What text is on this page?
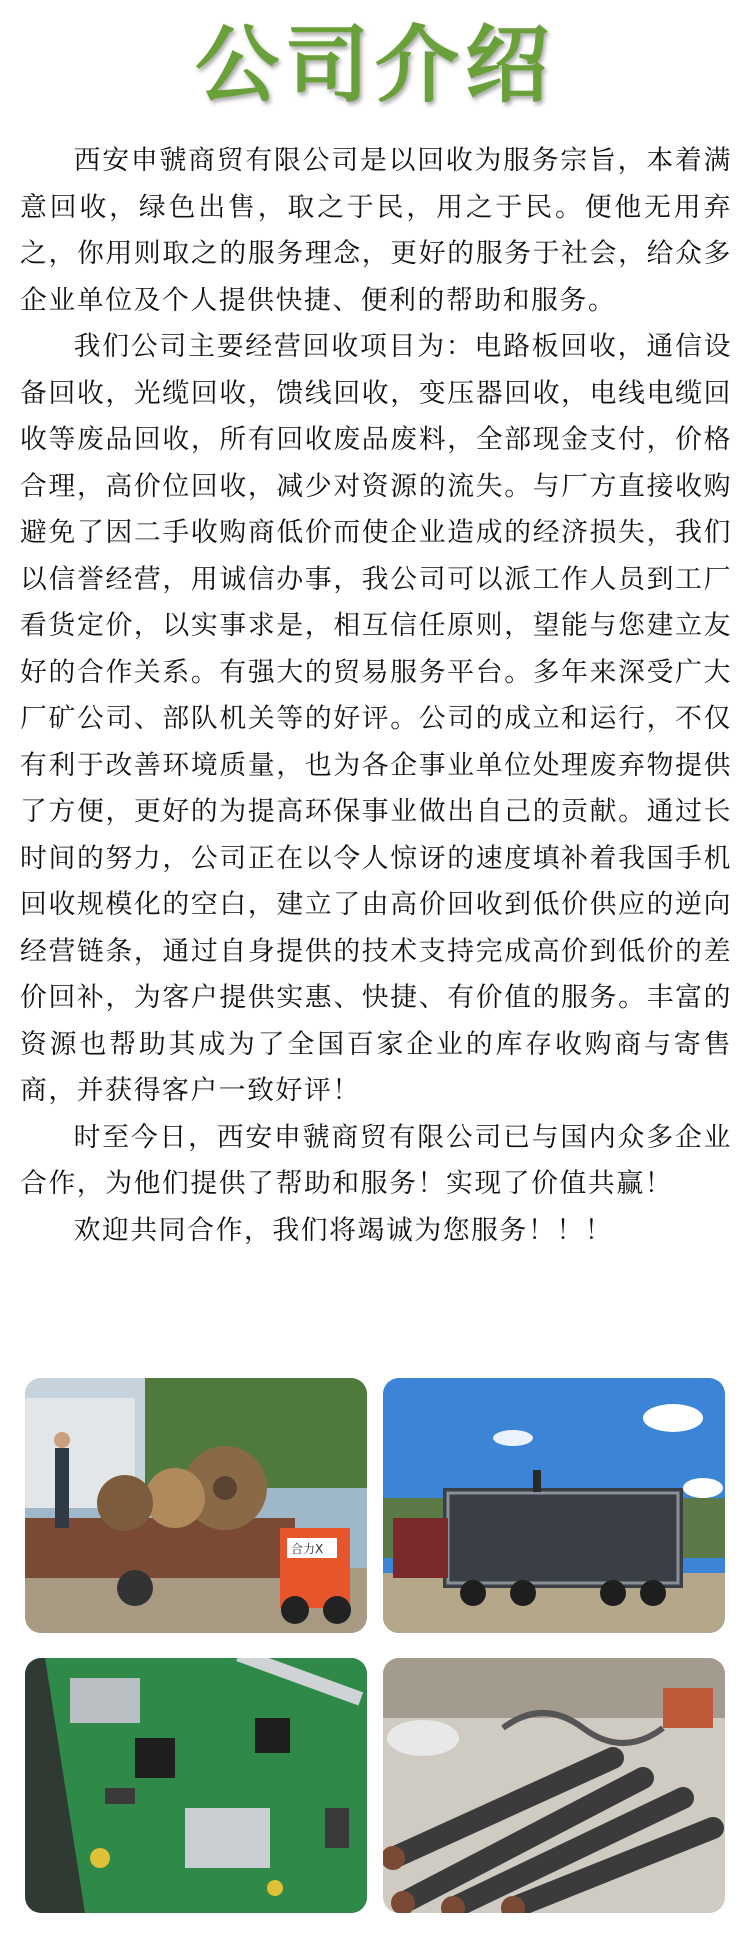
公司介绍

西安申虢商贸有限公司是以回收为服务宗旨，本着满意回收，绿色出售，取之于民，用之于民。便他无用弃之，你用则取之的服务理念，更好的服务于社会，给众多企业单位及个人提供快捷、便利的帮助和服务。

我们公司主要经营回收项目为：电路板回收，通信设备回收，光缆回收，馈线回收，变压器回收，电线电缆回收等废品回收，所有回收废品废料，全部现金支付，价格合理，高价位回收，减少对资源的流失。与厂方直接收购避免了因二手收购商低价而使企业造成的经济损失，我们以信誉经营，用诚信办事，我公司可以派工作人员到工厂看货定价，以实事求是，相互信任原则，望能与您建立友好的合作关系。有强大的贸易服务平台。多年来深受广大厂矿公司、部队机关等的好评。公司的成立和运行，不仅有利于改善环境质量，也为各企事业单位处理废弃物提供了方便，更好的为提高环保事业做出自己的贡献。通过长时间的努力，公司正在以令人惊讶的速度填补着我国手机回收规模化的空白，建立了由高价回收到低价供应的逆向经营链条，通过自身提供的技术支持完成高价到低价的差价回补，为客户提供实惠、快捷、有价值的服务。丰富的资源也帮助其成为了全国百家企业的库存收购商与寄售商，并获得客户一致好评！

时至今日，西安申虢商贸有限公司已与国内众多企业合作，为他们提供了帮助和服务！实现了价值共赢！

欢迎共同合作，我们将竭诚为您服务！！！

合力X
